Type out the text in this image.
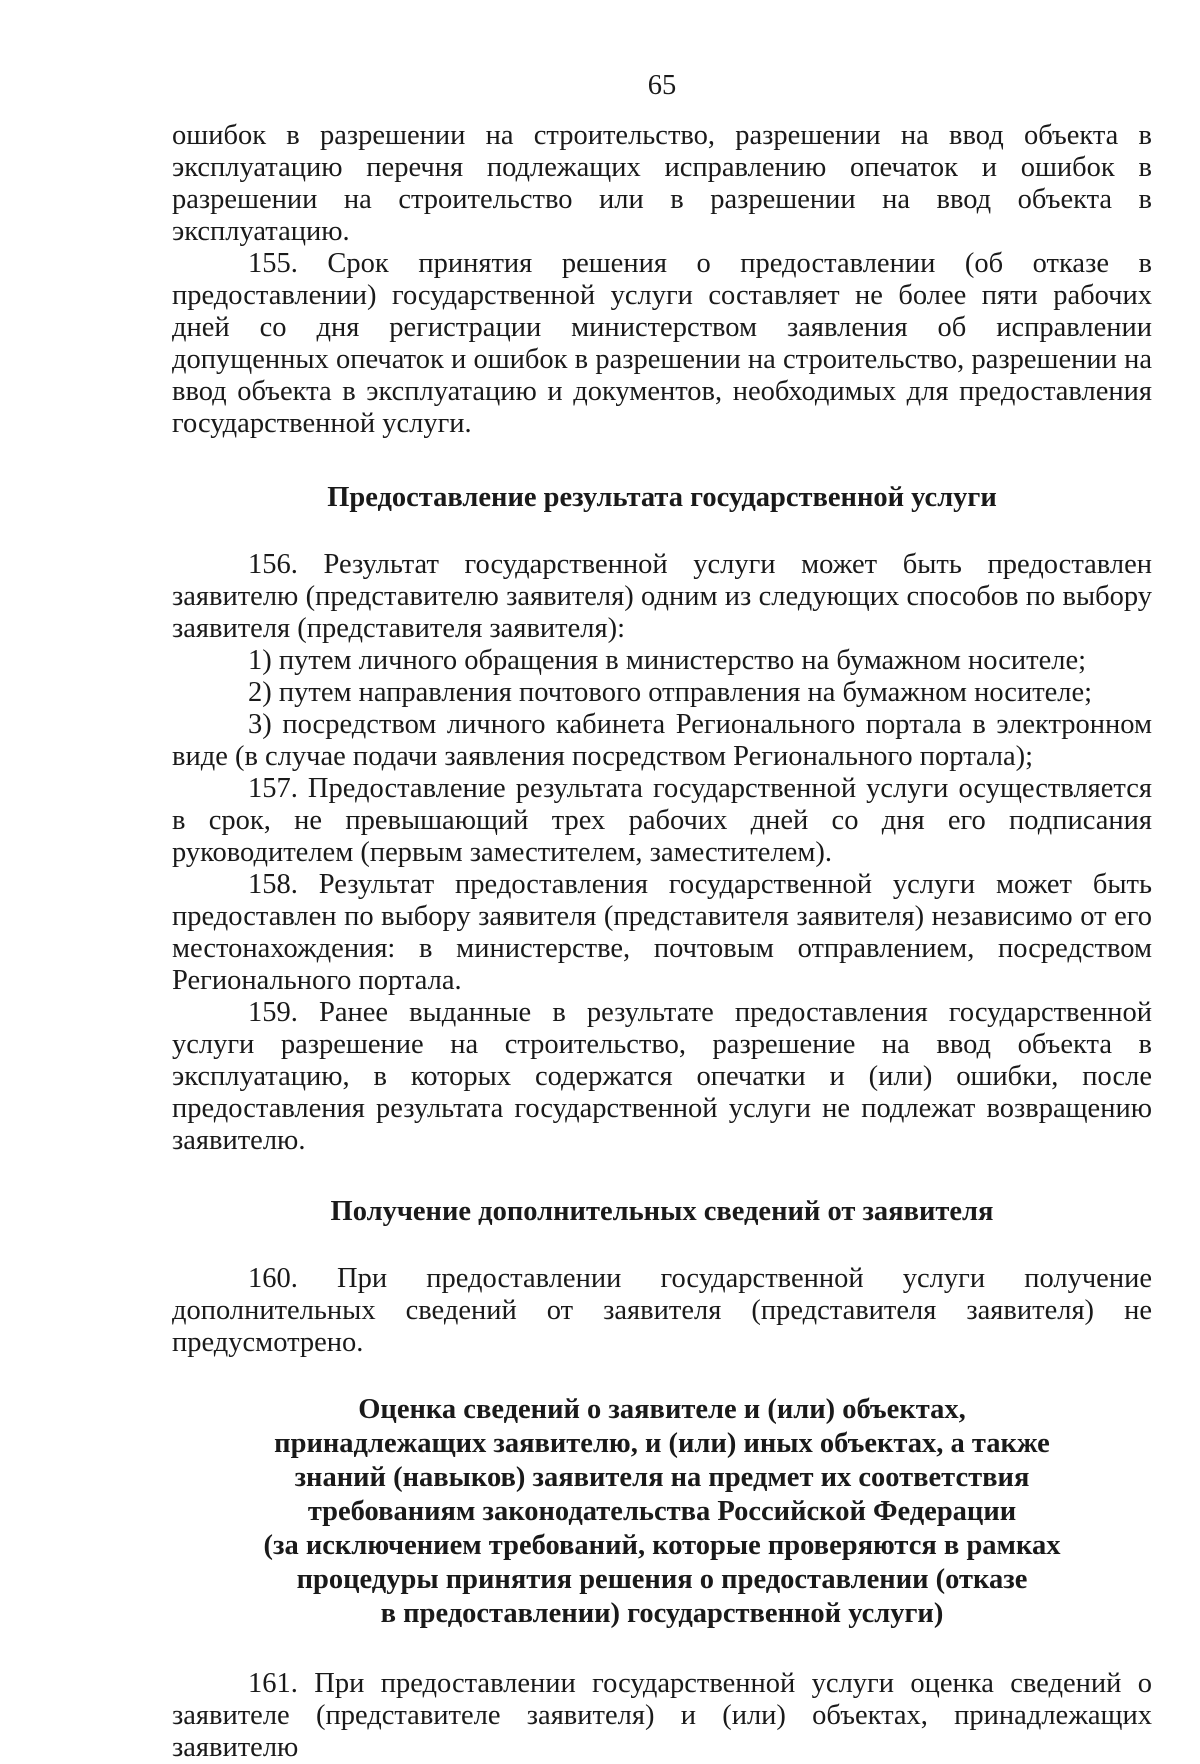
65

ошибок в разрешении на строительство, разрешении на ввод объекта в эксплуатацию перечня подлежащих исправлению опечаток и ошибок в разрешении на строительство или в разрешении на ввод объекта в эксплуатацию.

155. Срок принятия решения о предоставлении (об отказе в предоставлении) государственной услуги составляет не более пяти рабочих дней со дня регистрации министерством заявления об исправлении допущенных опечаток и ошибок в разрешении на строительство, разрешении на ввод объекта в эксплуатацию и документов, необходимых для предоставления государственной услуги.

Предоставление результата государственной услуги

156. Результат государственной услуги может быть предоставлен заявителю (представителю заявителя) одним из следующих способов по выбору заявителя (представителя заявителя):

1) путем личного обращения в министерство на бумажном носителе;

2) путем направления почтового отправления на бумажном носителе;

3) посредством личного кабинета Регионального портала в электронном виде (в случае подачи заявления посредством Регионального портала);

157. Предоставление результата государственной услуги осуществляется в срок, не превышающий трех рабочих дней со дня его подписания руководителем (первым заместителем, заместителем).

158. Результат предоставления государственной услуги может быть предоставлен по выбору заявителя (представителя заявителя) независимо от его местонахождения: в министерстве, почтовым отправлением, посредством Регионального портала.

159. Ранее выданные в результате предоставления государственной услуги разрешение на строительство, разрешение на ввод объекта в эксплуатацию, в которых содержатся опечатки и (или) ошибки, после предоставления результата государственной услуги не подлежат возвращению заявителю.

Получение дополнительных сведений от заявителя

160. При предоставлении государственной услуги получение дополнительных сведений от заявителя (представителя заявителя) не предусмотрено.

Оценка сведений о заявителе и (или) объектах,
принадлежащих заявителю, и (или) иных объектах, а также
знаний (навыков) заявителя на предмет их соответствия
требованиям законодательства Российской Федерации
(за исключением требований, которые проверяются в рамках
процедуры принятия решения о предоставлении (отказе
в предоставлении) государственной услуги)

161. При предоставлении государственной услуги оценка сведений о заявителе (представителе заявителя) и (или) объектах, принадлежащих заявителю
